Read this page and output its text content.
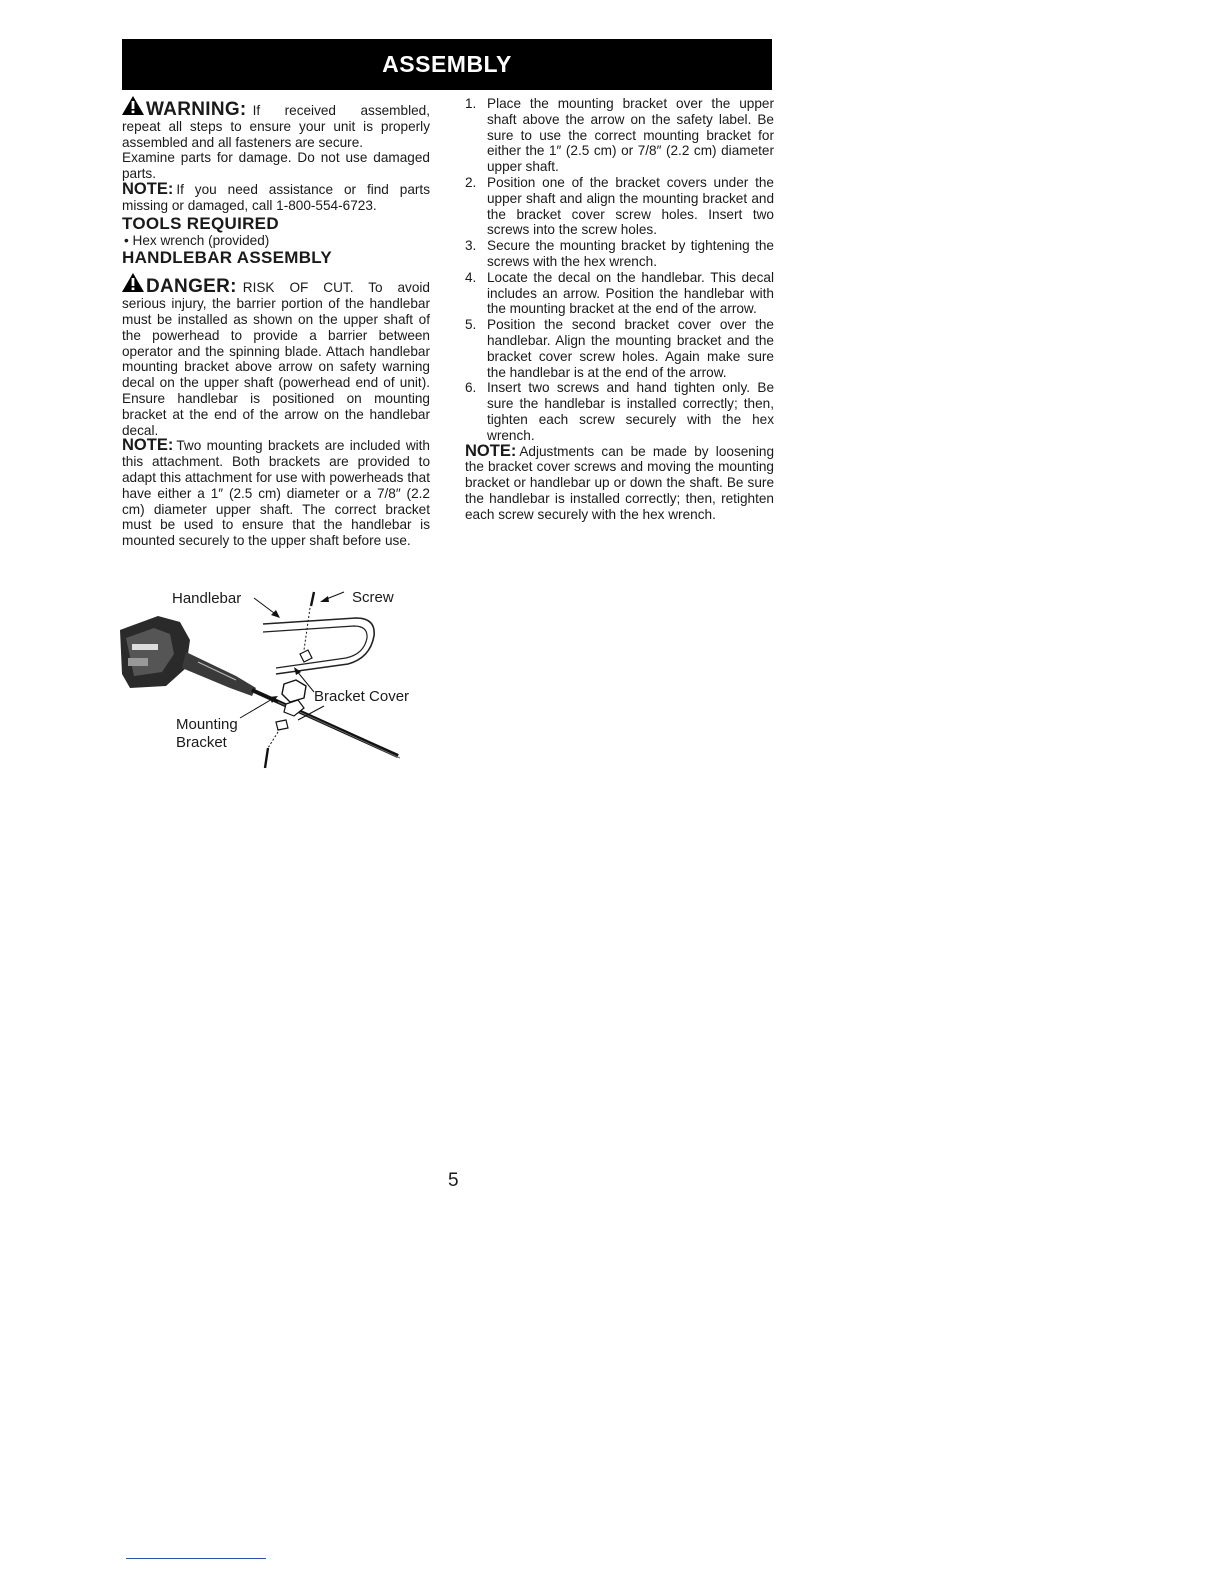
ASSEMBLY

WARNING: If received assembled, repeat all steps to ensure your unit is properly assembled and all fasteners are secure.

Examine parts for damage. Do not use damaged parts.

NOTE: If you need assistance or find parts missing or damaged, call 1-800-554-6723.

TOOLS REQUIRED

• Hex wrench (provided)

HANDLEBAR ASSEMBLY

DANGER: RISK OF CUT. To avoid serious injury, the barrier portion of the handlebar must be installed as shown on the upper shaft of the powerhead to provide a barrier between operator and the spinning blade. Attach handlebar mounting bracket above arrow on safety warning decal on the upper shaft (powerhead end of unit). Ensure handlebar is positioned on mounting bracket at the end of the arrow on the handlebar decal.

NOTE: Two mounting brackets are included with this attachment. Both brackets are provided to adapt this attachment for use with powerheads that have either a 1″ (2.5 cm) diameter or a 7/8″ (2.2 cm) diameter upper shaft. The correct bracket must be used to ensure that the handlebar is mounted securely to the upper shaft before use.

Handlebar	Screw
Bracket Cover
Mounting
Bracket
1. Place the mounting bracket over the upper shaft above the arrow on the safety label. Be sure to use the correct mounting bracket for either the 1″ (2.5 cm) or 7/8″ (2.2 cm) diameter upper shaft.
2. Position one of the bracket covers under the upper shaft and align the mounting bracket and the bracket cover screw holes. Insert two screws into the screw holes.
3. Secure the mounting bracket by tightening the screws with the hex wrench.
4. Locate the decal on the handlebar. This decal includes an arrow. Position the handlebar with the mounting bracket at the end of the arrow.
5. Position the second bracket cover over the handlebar. Align the mounting bracket and the bracket cover screw holes. Again make sure the handlebar is at the end of the arrow.
6. Insert two screws and hand tighten only. Be sure the handlebar is installed correctly; then, tighten each screw securely with the hex wrench.

NOTE: Adjustments can be made by loosening the bracket cover screws and moving the mounting bracket or handlebar up or down the shaft. Be sure the handlebar is installed correctly; then, retighten each screw securely with the hex wrench.

5
